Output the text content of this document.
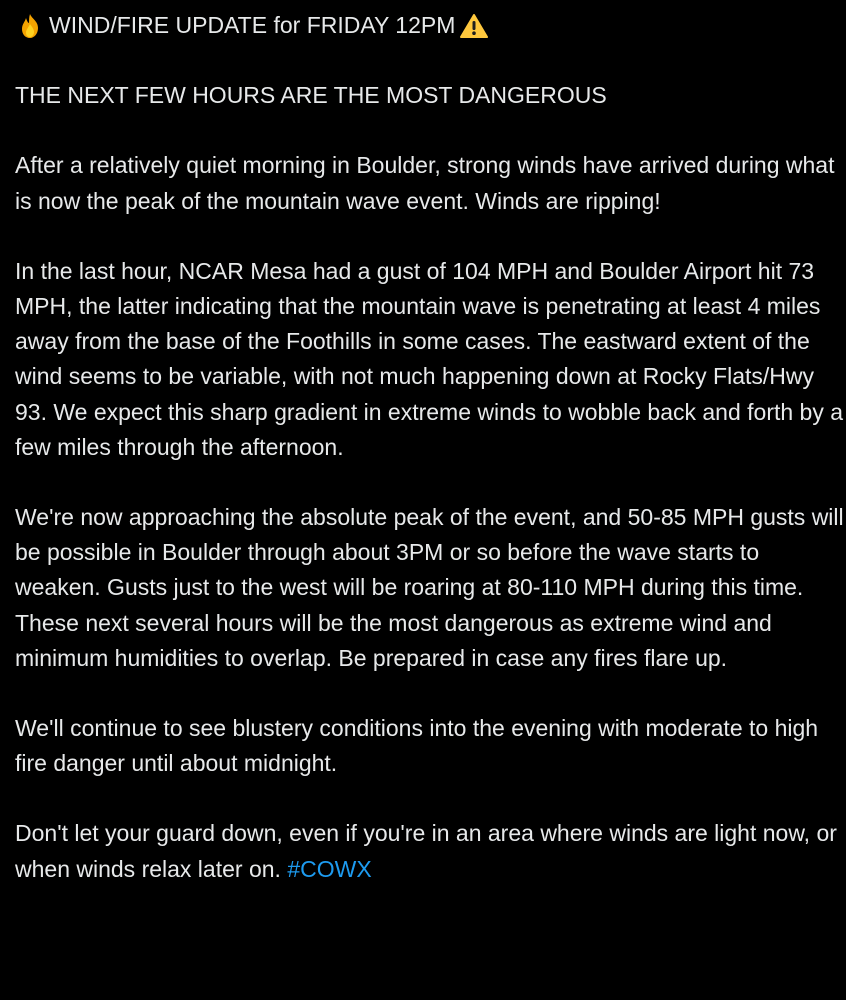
WIND/FIRE UPDATE for FRIDAY 12PM
THE NEXT FEW HOURS ARE THE MOST DANGEROUS
After a relatively quiet morning in Boulder, strong winds have arrived during what is now the peak of the mountain wave event. Winds are ripping!
In the last hour, NCAR Mesa had a gust of 104 MPH and Boulder Airport hit 73 MPH, the latter indicating that the mountain wave is penetrating at least 4 miles away from the base of the Foothills in some cases. The eastward extent of the wind seems to be variable, with not much happening down at Rocky Flats/Hwy 93. We expect this sharp gradient in extreme winds to wobble back and forth by a few miles through the afternoon.
We're now approaching the absolute peak of the event, and 50-85 MPH gusts will be possible in Boulder through about 3PM or so before the wave starts to weaken. Gusts just to the west will be roaring at 80-110 MPH during this time. These next several hours will be the most dangerous as extreme wind and minimum humidities to overlap. Be prepared in case any fires flare up.
We'll continue to see blustery conditions into the evening with moderate to high fire danger until about midnight.
Don't let your guard down, even if you're in an area where winds are light now, or when winds relax later on. #COWX
